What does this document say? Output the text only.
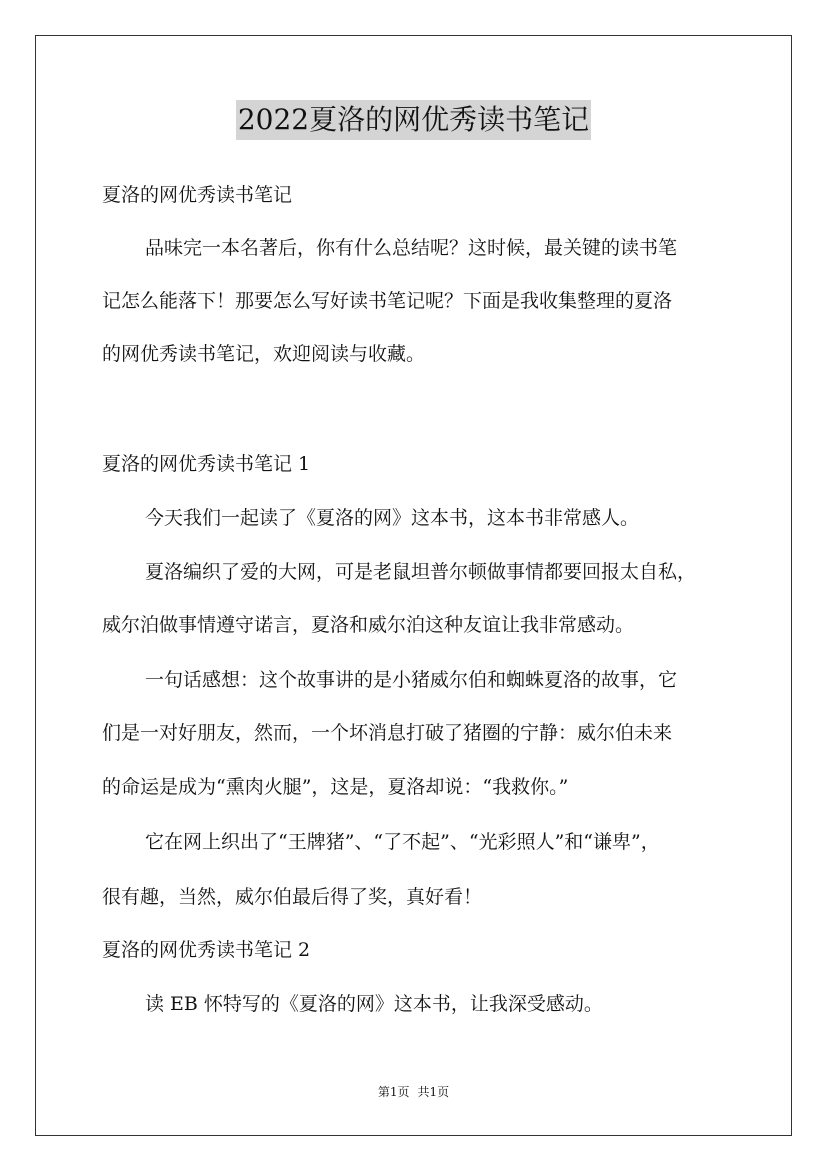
2022夏洛的网优秀读书笔记
夏洛的网优秀读书笔记
品味完一本名著后，你有什么总结呢？这时候，最关键的读书笔
记怎么能落下！那要怎么写好读书笔记呢？下面是我收集整理的夏洛
的网优秀读书笔记，欢迎阅读与收藏。
夏洛的网优秀读书笔记 1
今天我们一起读了《夏洛的网》这本书，这本书非常感人。
夏洛编织了爱的大网，可是老鼠坦普尔顿做事情都要回报太自私，
威尔泊做事情遵守诺言，夏洛和威尔泊这种友谊让我非常感动。
一句话感想：这个故事讲的是小猪威尔伯和蜘蛛夏洛的故事，它
们是一对好朋友，然而，一个坏消息打破了猪圈的宁静：威尔伯未来
的命运是成为“熏肉火腿”，这是，夏洛却说：“我救你。”
它在网上织出了“王牌猪”、“了不起”、“光彩照人”和“谦卑”，
很有趣，当然，威尔伯最后得了奖，真好看！
夏洛的网优秀读书笔记 2
读 EB 怀特写的《夏洛的网》这本书，让我深受感动。
第1页 共1页
